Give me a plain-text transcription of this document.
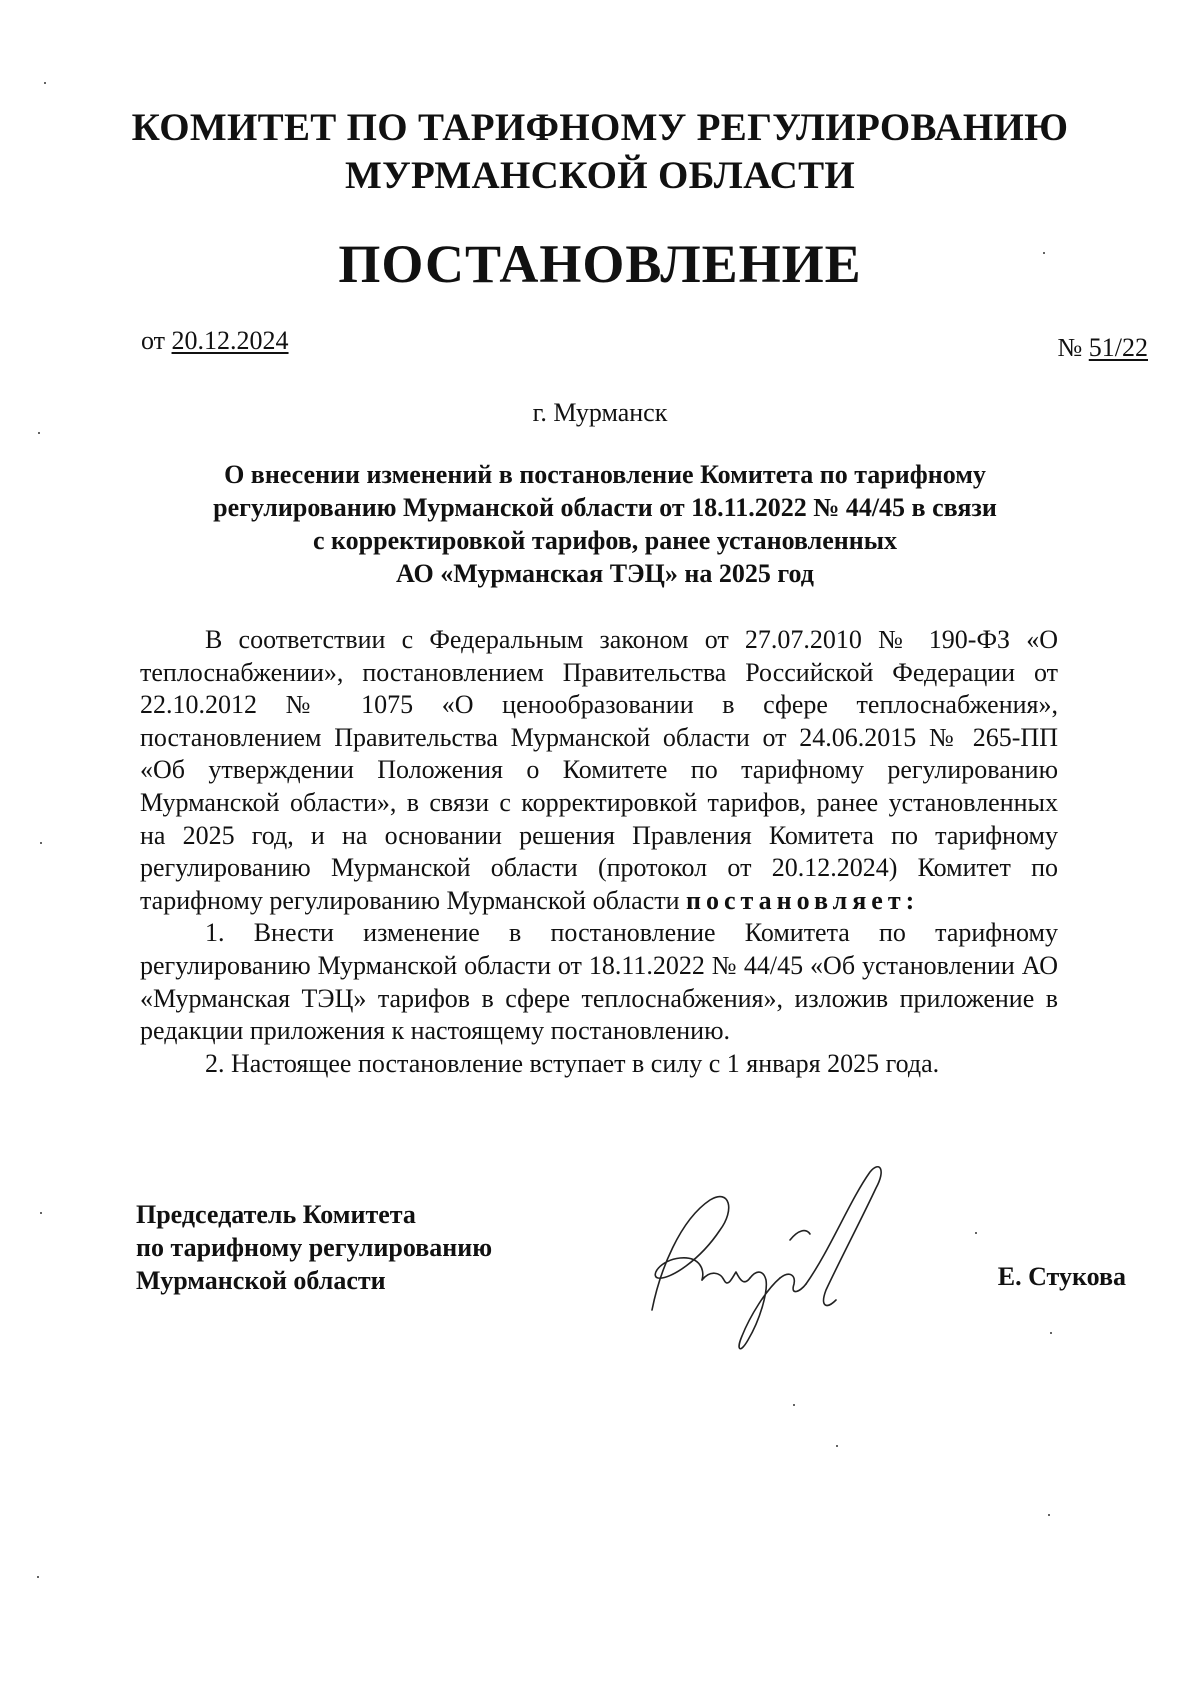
КОМИТЕТ ПО ТАРИФНОМУ РЕГУЛИРОВАНИЮ
МУРМАНСКОЙ ОБЛАСТИ
ПОСТАНОВЛЕНИЕ
от 20.12.2024	№ 51/22
г. Мурманск
О внесении изменений в постановление Комитета по тарифному
регулированию Мурманской области от 18.11.2022 № 44/45 в связи
с корректировкой тарифов, ранее установленных
АО «Мурманская ТЭЦ» на 2025 год

В соответствии с Федеральным законом от 27.07.2010 № 190-ФЗ «О теплоснабжении», постановлением Правительства Российской Федерации от 22.10.2012 № 1075 «О ценообразовании в сфере теплоснабжения», постановлением Правительства Мурманской области от 24.06.2015 № 265-ПП «Об утверждении Положения о Комитете по тарифному регулированию Мурманской области», в связи с корректировкой тарифов, ранее установленных на 2025 год, и на основании решения Правления Комитета по тарифному регулированию Мурманской области (протокол от 20.12.2024) Комитет по тарифному регулированию Мурманской области постановляет:

1. Внести изменение в постановление Комитета по тарифному регулированию Мурманской области от 18.11.2022 № 44/45 «Об установлении АО «Мурманская ТЭЦ» тарифов в сфере теплоснабжения», изложив приложение в редакции приложения к настоящему постановлению.

2. Настоящее постановление вступает в силу с 1 января 2025 года.

Председатель Комитета
по тарифному регулированию
Мурманской области	Е. Стукова
